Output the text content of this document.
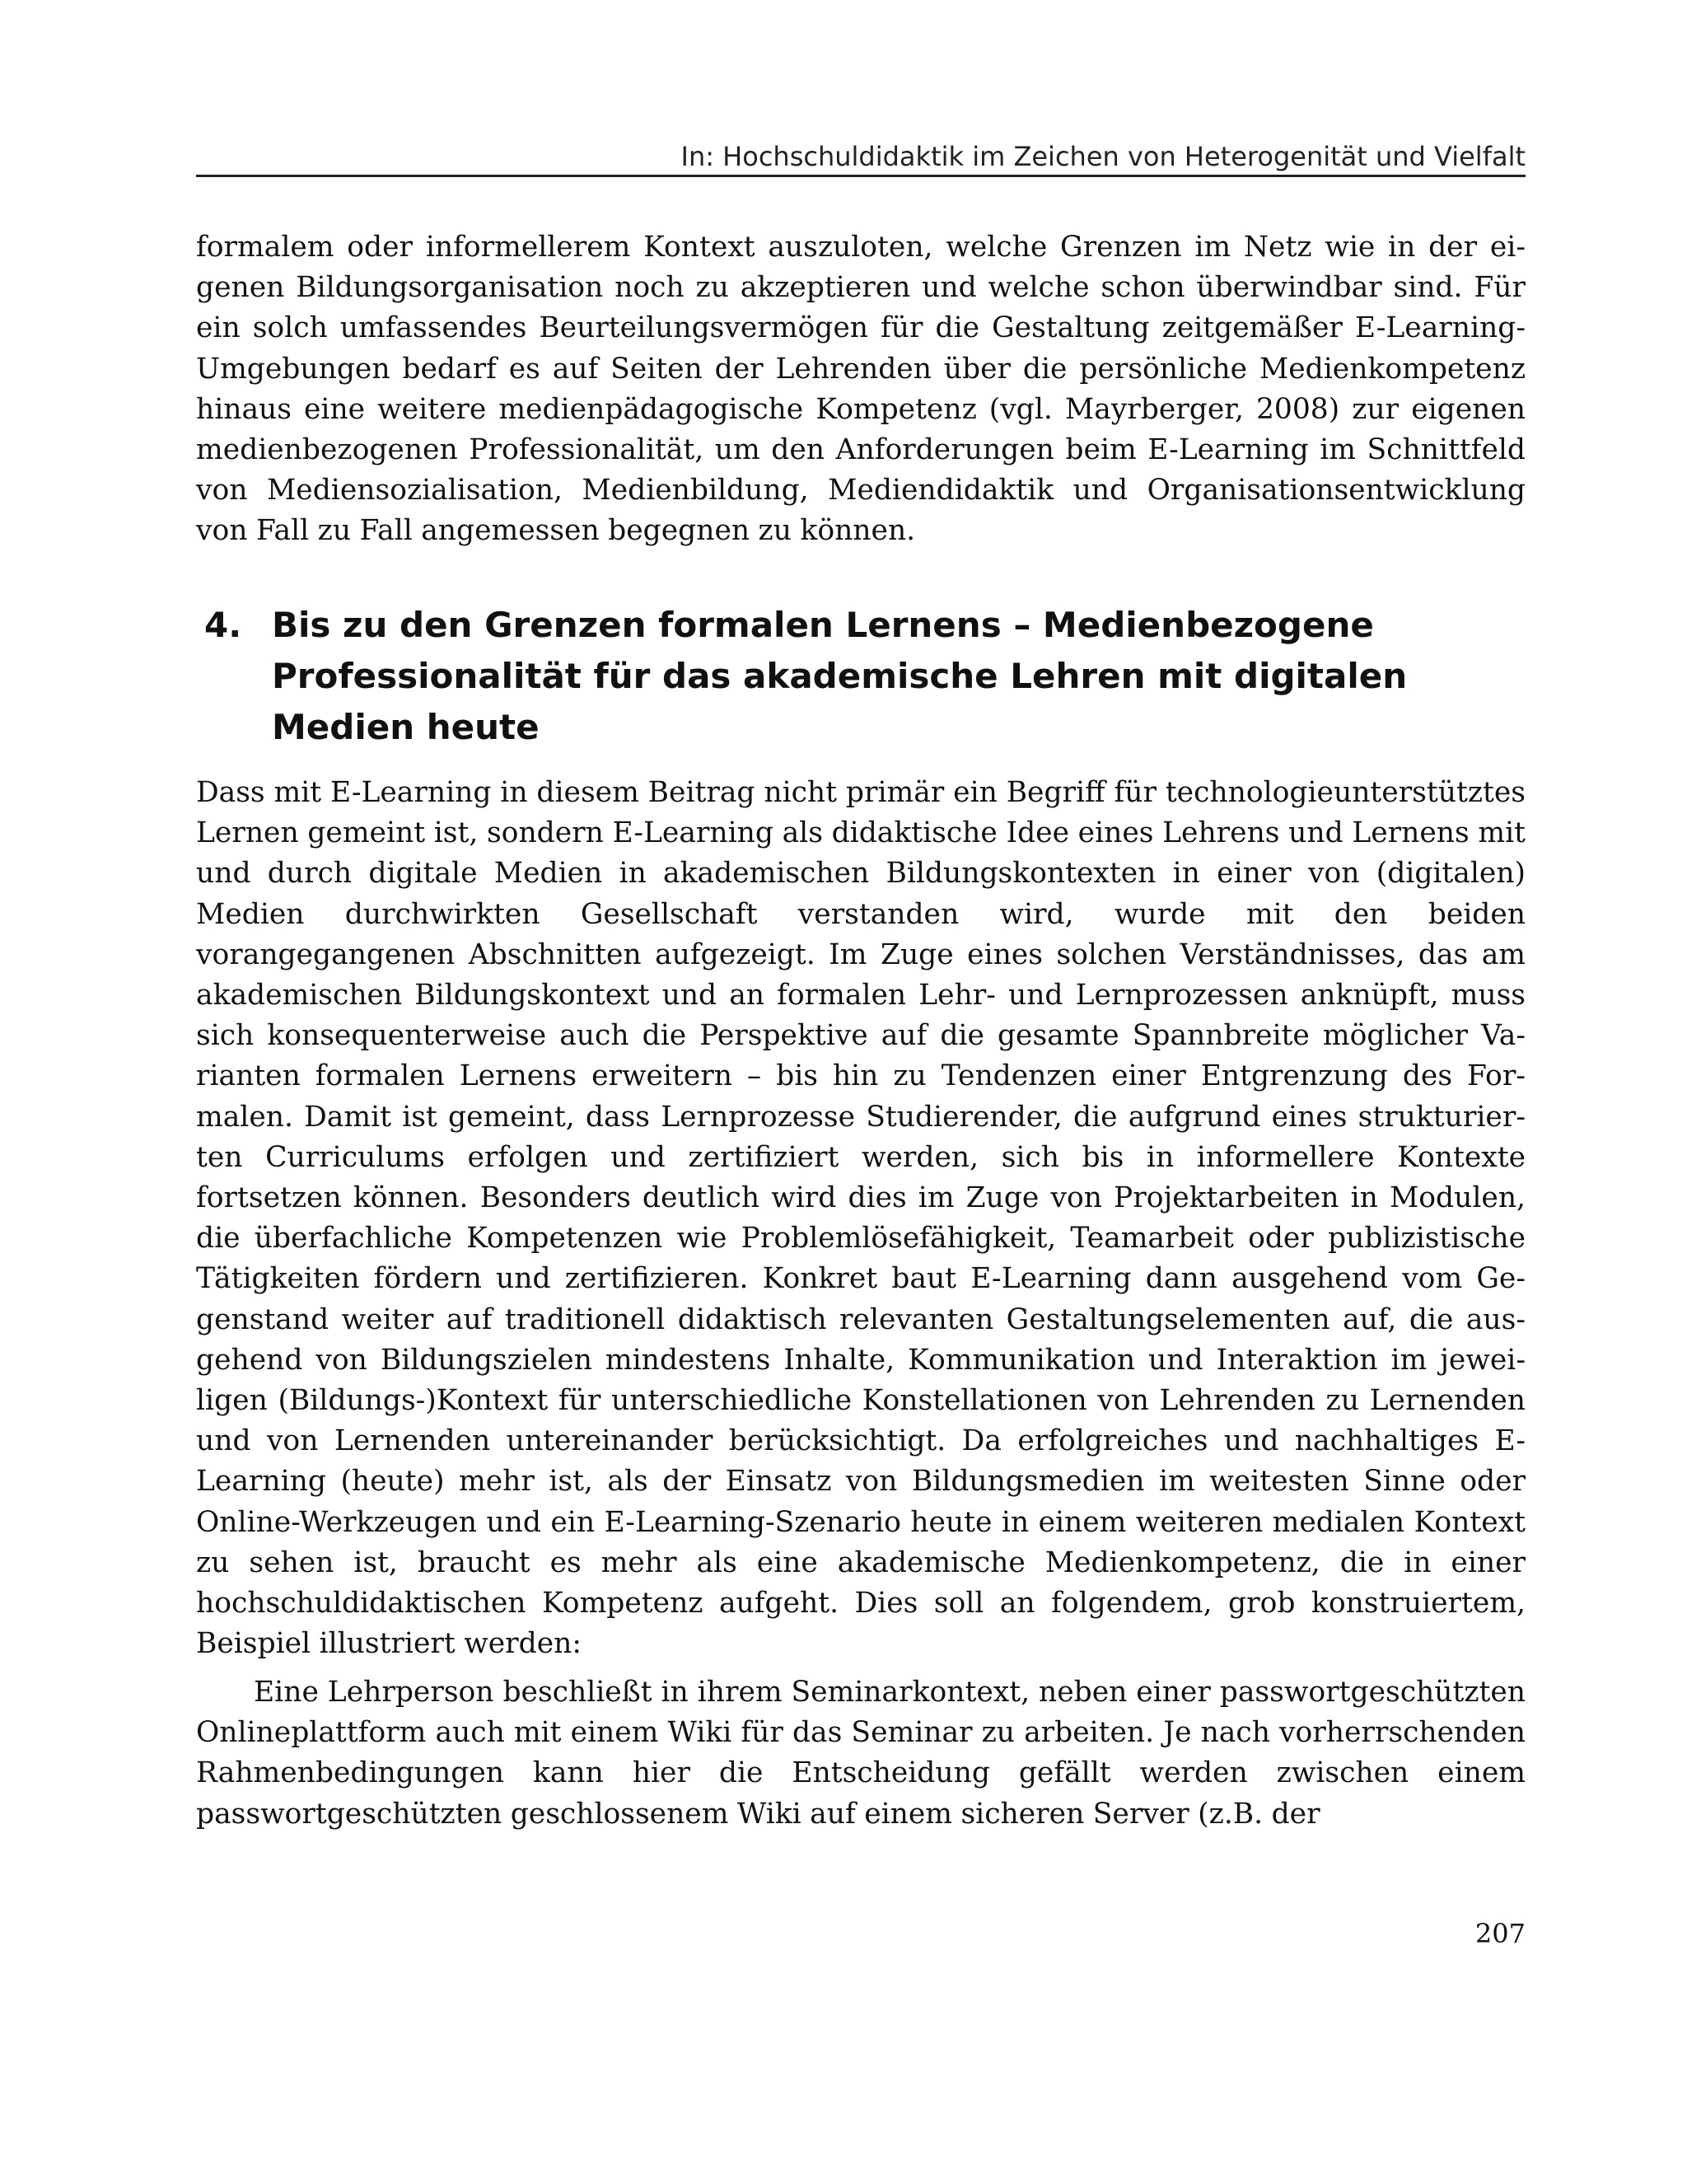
In: Hochschuldidaktik im Zeichen von Heterogenität und Vielfalt

formalem oder informellerem Kontext auszuloten, welche Grenzen im Netz wie in der eigenen Bildungsorganisation noch zu akzeptieren und welche schon überwindbar sind. Für ein solch umfassendes Beurteilungsvermögen für die Gestaltung zeitgemäßer E-Learning-Umgebungen bedarf es auf Seiten der Lehrenden über die persönliche Medienkompetenz hinaus eine weitere medienpädagogische Kompetenz (vgl. Mayrberger, 2008) zur eigenen medienbezogenen Professionalität, um den Anforderungen beim E-Learning im Schnittfeld von Mediensozialisation, Medienbildung, Mediendidaktik und Organisationsentwicklung von Fall zu Fall angemessen begegnen zu können.

4. Bis zu den Grenzen formalen Lernens – Medienbezogene Professionalität für das akademische Lehren mit digitalen Medien heute

Dass mit E-Learning in diesem Beitrag nicht primär ein Begriff für technologieunterstütztes Lernen gemeint ist, sondern E-Learning als didaktische Idee eines Lehrens und Lernens mit und durch digitale Medien in akademischen Bildungskontexten in einer von (digitalen) Medien durchwirkten Gesellschaft verstanden wird, wurde mit den beiden vorangegangenen Abschnitten aufgezeigt. Im Zuge eines solchen Verständnisses, das am akademischen Bildungskontext und an formalen Lehr- und Lernprozessen anknüpft, muss sich konsequenterweise auch die Perspektive auf die gesamte Spannbreite möglicher Varianten formalen Lernens erweitern – bis hin zu Tendenzen einer Entgrenzung des Formalen. Damit ist gemeint, dass Lernprozesse Studierender, die aufgrund eines strukturierten Curriculums erfolgen und zertifiziert werden, sich bis in informellere Kontexte fortsetzen können. Besonders deutlich wird dies im Zuge von Projektarbeiten in Modulen, die überfachliche Kompetenzen wie Problemlösefähigkeit, Teamarbeit oder publizistische Tätigkeiten fördern und zertifizieren. Konkret baut E-Learning dann ausgehend vom Gegenstand weiter auf traditionell didaktisch relevanten Gestaltungselementen auf, die ausgehend von Bildungszielen mindestens Inhalte, Kommunikation und Interaktion im jeweiligen (Bildungs-)Kontext für unterschiedliche Konstellationen von Lehrenden zu Lernenden und von Lernenden untereinander berücksichtigt. Da erfolgreiches und nachhaltiges E-Learning (heute) mehr ist, als der Einsatz von Bildungsmedien im weitesten Sinne oder Online-Werkzeugen und ein E-Learning-Szenario heute in einem weiteren medialen Kontext zu sehen ist, braucht es mehr als eine akademische Medienkompetenz, die in einer hochschuldidaktischen Kompetenz aufgeht. Dies soll an folgendem, grob konstruiertem, Beispiel illustriert werden:

Eine Lehrperson beschließt in ihrem Seminarkontext, neben einer passwortgeschützten Onlineplattform auch mit einem Wiki für das Seminar zu arbeiten. Je nach vorherrschenden Rahmenbedingungen kann hier die Entscheidung gefällt werden zwischen einem passwortgeschützten geschlossenem Wiki auf einem sicheren Server (z.B. der

207
